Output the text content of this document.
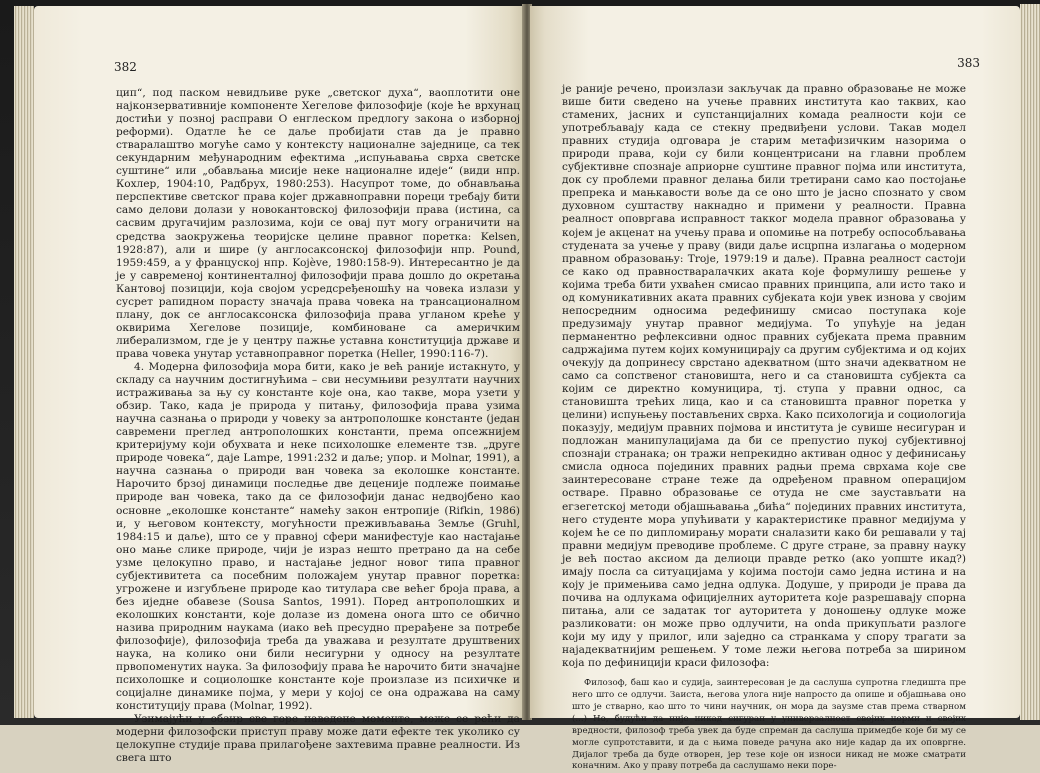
382

цип“, под паском невидљиве руке „светског духа“, ваоплотити оне најконзервативније компоненте Хегелове филозофије (које ће врхунац достићи у позној расправи О енглеском предлогу закона о изборној реформи). Одатле ће се даље пробијати став да је правно стваралаштво могуће само у контексту националне заједнице, са тек секундарним међународним ефектима „испуњавања сврха светске суштине“ или „обављања мисије неке националне идеје“ (види нпр. Кохлер, 1904:10, Радбрух, 1980:253). Насупрот томе, до обнављања перспективе светског права којег државноправни пореци требају бити само делови долази у новокантовској филозофији права (истина, са сасвим другачијим разлозима, који се овај пут могу ограничити на средства заокружења теоријске целине правног поретка: Kelsen, 1928:87), али и шире (у англосаксонској филозофији нпр. Pound, 1959:459, а у француској нпр. Kojève, 1980:158-9). Интересантно је да је у савременој континенталној филозофији права дошло до окретања Кантовој позицији, која својом усредсређеношћу на човека излази у сусрет рапидном порасту значаја права човека на трансационалном плану, док се англосаксонска филозофија права угланом креће у оквирима Хегелове позиције, комбиноване са америчким либерализмом, где је у центру пажње уставна конституција државе и права човека унутар уставноправног поретка (Heller, 1990:116-7).

4. Модерна филозофија мора бити, како је већ раније истакнуто, у складу са научним достигнућима – сви несумњиви резултати научних истраживања за њу су константе које она, као такве, мора узети у обзир. Тако, када је природа у питању, филозофија права узима научна сазнања о природи у човеку за антрополошке константе (један савремени преглед антрополошких константи, према опсежнијем критеријуму који обухвата и неке психолошке елементе тзв. „друге природе човека“, даје Lampe, 1991:232 и даље; упор. и Molnar, 1991), а научна сазнања о природи ван човека за еколошке константе. Нарочито брзој динамици последње две деценије подлеже поимање природе ван човека, тако да се филозофији данас недвојбено као основне „еколошке константе“ намећу закон ентропије (Rifkin, 1986) и, у његовом контексту, могућности преживљавања Земље (Gruhl, 1984:15 и даље), што се у правној сфери манифестује као настајање оно мање слике природе, чији је израз нешто претрано да на себе узме целокупно право, и настајање једног новог типа правног субјективитета са посебним положајем унутар правног поретка: угрожене и изгубљене природе као титулара све већег броја права, а без иједне обавезе (Sousa Santos, 1991). Поред антрополошких и еколошких константи, које долазе из домена онога што се обично назива природним наукама (иако већ пресудно прерађене за потребе филозофије), филозофија треба да уважава и резултате друштвених наука, на колико они били несигурни у односу на резултате првопоменутих наука. За филозофију права ће нарочито бити значајне психолошке и социолошке константе које произлазе из психичке и социјалне динамике појма, у мери у којој се она одражава на саму конституцију права (Molnar, 1992).

Узимајући у обзир све горе наведене моменте, може се рећи да модерни филозофски приступ праву може дати ефекте тек уколико су целокупне студије права прилагођене захтевима правне реалности. Из свега што

383

је раније речено, произлази закључак да правно образовање не може више бити сведено на учење правних института као таквих, као стамених, јасних и супстанцијалних комада реалности који се употребљавају када се стекну предвиђени услови. Такав модел правних студија одговара је старим метафизичким назорима о природи права, који су били концентрисани на главни проблем субјективне спознаје априорне суштине правног појма или института, док су проблеми правног делања били третирани само као постојање препрека и мањкавости воље да се оно што је јасно спознато у свом духовном суштаству накнадно и примени у реалности. Правна реалност оповргава исправност такког модела правног образовања у којем је акценат на учењу права и опомиње на потребу оспособљавања студената за учење у праву (види даље исцрпна излагања о модерном правном образовању: Troje, 1979:19 и даље). Правна реалност састоји се како од правностваралачких аката које формулишу решење у којима треба бити ухваћен смисао правних принципа, али исто тако и од комуникативних аката правних субјеката који увек изнова у својим непосредним односима редефинишу смисао поступака које предузимају унутар правног медијума. То упућује на један перманентно рефлексивни однос правних субјеката према правним садржајима путем којих комуницирају са другим субјектима и од којих очекују да допринесу сврстано адекватном (што значи адекватном не само са сопственог становишта, него и са становишта субјекта са којим се директно комуницира, тј. ступа у правни однос, са становишта трећих лица, као и са становишта правног поретка у целини) испуњењу постављених сврха. Како психологија и социологија показују, медијум правних појмова и института је сувише несигуран и подложан манипулацијама да би се препустио пукој субјективној спознаји странака; он тражи непрекидно активан однос у дефинисању смисла односа појединих правних радњи према сврхама које све заинтересоване стране теже да одређеном правном операцијом остваре. Правно образовање се отуда не сме заустављати на егзегетској методи објашњавања „бића“ појединих правних института, него студенте мора упућивати у карактеристике правног медијума у којем ће се по дипломирању морати сналазити како би решавали у тај правни медијум преводиве проблеме. С друге стране, за правну науку је већ постао аксиом да делиоци правде ретко (ако уопште икад?) имају посла са ситуацијама у којима постоји само једна истина и на коју је примењива само једна одлука. Додуше, у природи је права да почива на одлукама официјелних ауторитета које разрешавају спорна питања, али се задатак тог ауторитета у доношењу одлуке може разликовати: он може прво одлучити, на onda прикупљати разлоге који му иду у прилог, или заједно са странкама у спору трагати за најадекватнијим решењем. У томе лежи његова потреба за ширином која по дефиницији краси филозофа:

Филозоф, баш као и судија, заинтересован је да саслуша супротна гледишта пре него што се одлучи. Заиста, његова улога није напросто да опише и објашњава оно што је стварно, као што то чини научник, он мора да заузме став према стварном (...) Но, будући да није никад сигуран у универзалност својих норми и својих вредности, филозоф треба увек да буде спреман да саслуша примедбе које би му се могле супротставити, и да с њима поведе рачуна ако није кадар да их оповргне. Дијалог треба да буде отворен, јер тезе које он износи никад не може сматрати коначним. Ако у праву потреба да саслушамо неки поре-
